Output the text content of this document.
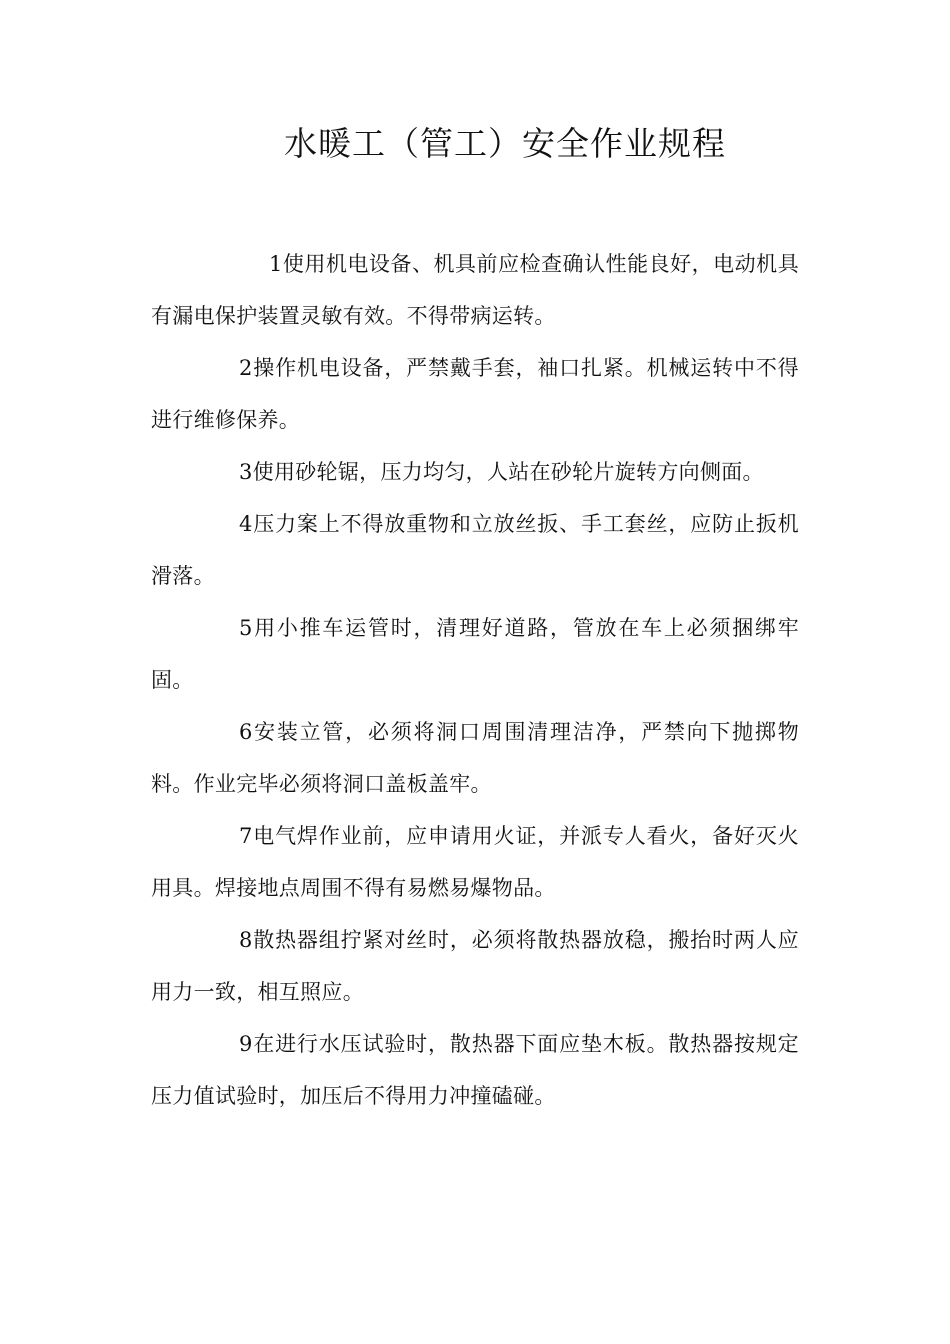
水暖工（管工）安全作业规程

1使用机电设备、机具前应检查确认性能良好，电动机具有漏电保护装置灵敏有效。不得带病运转。

2操作机电设备，严禁戴手套，袖口扎紧。机械运转中不得进行维修保养。

3使用砂轮锯，压力均匀，人站在砂轮片旋转方向侧面。

4压力案上不得放重物和立放丝扳、手工套丝，应防止扳机滑落。

5用小推车运管时，清理好道路，管放在车上必须捆绑牢固。

6安装立管，必须将洞口周围清理洁净，严禁向下抛掷物料。作业完毕必须将洞口盖板盖牢。

7电气焊作业前，应申请用火证，并派专人看火，备好灭火用具。焊接地点周围不得有易燃易爆物品。

8散热器组拧紧对丝时，必须将散热器放稳，搬抬时两人应用力一致，相互照应。

9在进行水压试验时，散热器下面应垫木板。散热器按规定压力值试验时，加压后不得用力冲撞磕碰。
